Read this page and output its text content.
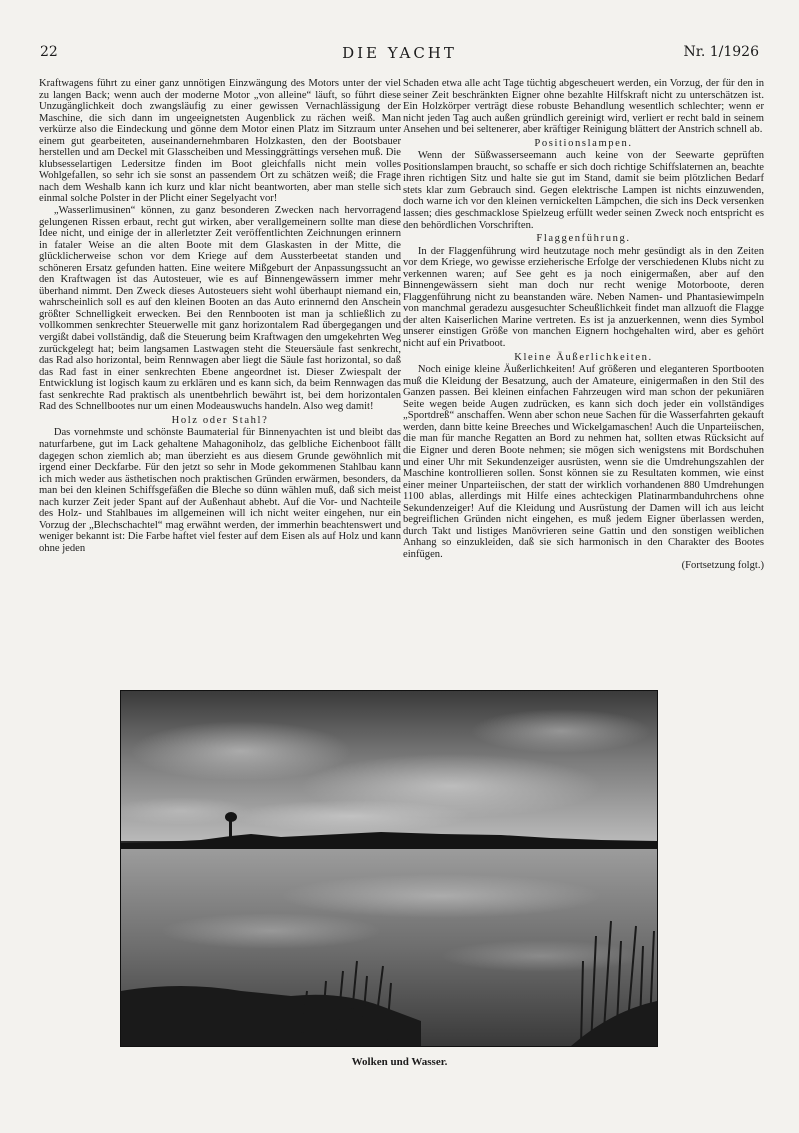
22	DIE YACHT	Nr. 1/1926

Kraftwagens führt zu einer ganz unnötigen Einzwängung des Motors unter der viel zu langen Back; wenn auch der moderne Motor „von alleine“ läuft, so führt diese Unzugänglichkeit doch zwangsläufig zu einer gewissen Vernachlässigung der Maschine, die sich dann im ungeeignetsten Augenblick zu rächen weiß. Man verkürze also die Eindeckung und gönne dem Motor einen Platz im Sitzraum unter einem gut gearbeiteten, auseinandernehmbaren Holzkasten, den der Bootsbauer herstellen und am Deckel mit Glasscheiben und Messinggrättings versehen muß. Die klubsesselartigen Ledersitze finden im Boot gleichfalls nicht mein volles Wohlgefallen, so sehr ich sie sonst an passendem Ort zu schätzen weiß; die Frage nach dem Weshalb kann ich kurz und klar nicht beantworten, aber man stelle sich einmal solche Polster in der Plicht einer Segelyacht vor!

„Wasserlimusinen“ können, zu ganz besonderen Zwecken nach hervorragend gelungenen Rissen erbaut, recht gut wirken, aber verallgemeinern sollte man diese Idee nicht, und einige der in allerletzter Zeit veröffentlichten Zeichnungen erinnern in fataler Weise an die alten Boote mit dem Glaskasten in der Mitte, die glücklicherweise schon vor dem Kriege auf dem Aussterbeetat standen und schöneren Ersatz gefunden hatten. Eine weitere Mißgeburt der Anpassungssucht an den Kraftwagen ist das Autosteuer, wie es auf Binnengewässern immer mehr überhand nimmt. Den Zweck dieses Autosteuers sieht wohl überhaupt niemand ein, wahrscheinlich soll es auf den kleinen Booten an das Auto erinnernd den Anschein größter Schnelligkeit erwecken. Bei den Rennbooten ist man ja schließlich zu vollkommen senkrechter Steuerwelle mit ganz horizontalem Rad übergegangen und vergißt dabei vollständig, daß die Steuerung beim Kraftwagen den umgekehrten Weg zurückgelegt hat; beim langsamen Lastwagen steht die Steuersäule fast senkrecht, das Rad also horizontal, beim Rennwagen aber liegt die Säule fast horizontal, so daß das Rad fast in einer senkrechten Ebene angeordnet ist. Dieser Zwiespalt der Entwicklung ist logisch kaum zu erklären und es kann sich, da beim Rennwagen das fast senkrechte Rad praktisch als unentbehrlich bewährt ist, bei dem horizontalen Rad des Schnellbootes nur um einen Modeauswuchs handeln. Also weg damit!

Holz oder Stahl?

Das vornehmste und schönste Baumaterial für Binnenyachten ist und bleibt das naturfarbene, gut im Lack gehaltene Mahagoniholz, das gelbliche Eichenboot fällt dagegen schon ziemlich ab; man überzieht es aus diesem Grunde gewöhnlich mit irgend einer Deckfarbe. Für den jetzt so sehr in Mode gekommenen Stahlbau kann ich mich weder aus ästhetischen noch praktischen Gründen erwärmen, besonders, da man bei den kleinen Schiffsgefäßen die Bleche so dünn wählen muß, daß sich meist nach kurzer Zeit jeder Spant auf der Außenhaut abhebt. Auf die Vor- und Nachteile des Holz- und Stahlbaues im allgemeinen will ich nicht weiter eingehen, nur ein Vorzug der „Blechschachtel“ mag erwähnt werden, der immerhin beachtenswert und weniger bekannt ist: Die Farbe haftet viel fester auf dem Eisen als auf Holz und kann ohne jeden

Schaden etwa alle acht Tage tüchtig abgescheuert werden, ein Vorzug, der für den in seiner Zeit beschränkten Eigner ohne bezahlte Hilfskraft nicht zu unterschätzen ist. Ein Holzkörper verträgt diese robuste Behandlung wesentlich schlechter; wenn er nicht jeden Tag auch außen gründlich gereinigt wird, verliert er recht bald in seinem Ansehen und bei seltenerer, aber kräftiger Reinigung blättert der Anstrich schnell ab.

Positionslampen.

Wenn der Süßwasserseemann auch keine von der Seewarte geprüften Positionslampen braucht, so schaffe er sich doch richtige Schiffslaternen an, beachte ihren richtigen Sitz und halte sie gut im Stand, damit sie beim plötzlichen Bedarf stets klar zum Gebrauch sind. Gegen elektrische Lampen ist nichts einzuwenden, doch warne ich vor den kleinen vernickelten Lämpchen, die sich ins Deck versenken lassen; dies geschmacklose Spielzeug erfüllt weder seinen Zweck noch entspricht es den behördlichen Vorschriften.

Flaggenführung.

In der Flaggenführung wird heutzutage noch mehr gesündigt als in den Zeiten vor dem Kriege, wo gewisse erzieherische Erfolge der verschiedenen Klubs nicht zu verkennen waren; auf See geht es ja noch einigermaßen, aber auf den Binnengewässern sieht man doch nur recht wenige Motorboote, deren Flaggenführung nicht zu beanstanden wäre. Neben Namen- und Phantasiewimpeln von manchmal geradezu ausgesuchter Scheußlichkeit findet man allzuoft die Flagge der alten Kaiserlichen Marine vertreten. Es ist ja anzuerkennen, wenn dies Symbol unserer einstigen Größe von manchen Eignern hochgehalten wird, aber es gehört nicht auf ein Privatboot.

Kleine Äußerlichkeiten.

Noch einige kleine Äußerlichkeiten! Auf größeren und eleganteren Sportbooten muß die Kleidung der Besatzung, auch der Amateure, einigermaßen in den Stil des Ganzen passen. Bei kleinen einfachen Fahrzeugen wird man schon der pekuniären Seite wegen beide Augen zudrücken, es kann sich doch jeder ein vollständiges „Sportdreß“ anschaffen. Wenn aber schon neue Sachen für die Wasserfahrten gekauft werden, dann bitte keine Breeches und Wickelgamaschen! Auch die Unparteiischen, die man für manche Regatten an Bord zu nehmen hat, sollten etwas Rücksicht auf die Eigner und deren Boote nehmen; sie mögen sich wenigstens mit Bordschuhen und einer Uhr mit Sekundenzeiger ausrüsten, wenn sie die Umdrehungszahlen der Maschine kontrollieren sollen. Sonst können sie zu Resultaten kommen, wie einst einer meiner Unparteiischen, der statt der wirklich vorhandenen 880 Umdrehungen 1100 ablas, allerdings mit Hilfe eines achteckigen Platinarmbanduhrchens ohne Sekundenzeiger! Auf die Kleidung und Ausrüstung der Damen will ich aus leicht begreiflichen Gründen nicht eingehen, es muß jedem Eigner überlassen werden, durch Takt und listiges Manövrieren seine Gattin und den sonstigen weiblichen Anhang so einzukleiden, daß sie sich harmonisch in den Charakter des Bootes einfügen.

(Fortsetzung folgt.)

Wolken und Wasser.
